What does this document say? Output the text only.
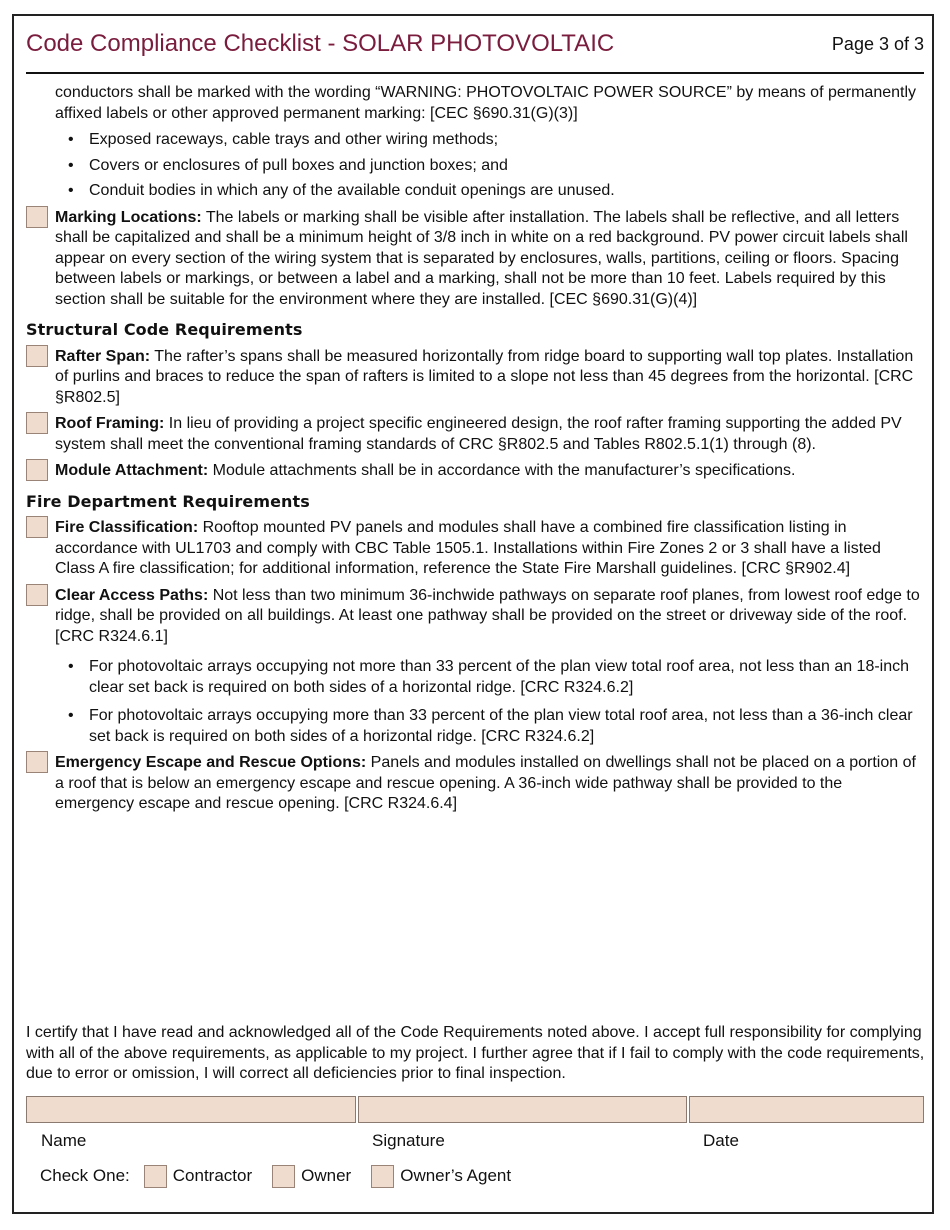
Code Compliance Checklist - SOLAR PHOTOVOLTAIC	Page 3 of 3

conductors shall be marked with the wording “WARNING: PHOTOVOLTAIC POWER SOURCE” by means of permanently affixed labels or other approved permanent marking: [CEC §690.31(G)(3)]

• Exposed raceways, cable trays and other wiring methods;
• Covers or enclosures of pull boxes and junction boxes; and
• Conduit bodies in which any of the available conduit openings are unused.
Marking Locations: The labels or marking shall be visible after installation. The labels shall be reflective, and all letters shall be capitalized and shall be a minimum height of 3/8 inch in white on a red background. PV power circuit labels shall appear on every section of the wiring system that is separated by enclosures, walls, partitions, ceiling or floors. Spacing between labels or markings, or between a label and a marking, shall not be more than 10 feet. Labels required by this section shall be suitable for the environment where they are installed. [CEC §690.31(G)(4)]
Structural Code Requirements
Rafter Span: The rafter’s spans shall be measured horizontally from ridge board to supporting wall top plates. Installation of purlins and braces to reduce the span of rafters is limited to a slope not less than 45 degrees from the horizontal. [CRC §R802.5]
Roof Framing: In lieu of providing a project specific engineered design, the roof rafter framing supporting the added PV system shall meet the conventional framing standards of CRC §R802.5 and Tables R802.5.1(1) through (8).
Module Attachment: Module attachments shall be in accordance with the manufacturer’s specifications.
Fire Department Requirements
Fire Classification: Rooftop mounted PV panels and modules shall have a combined fire classification listing in accordance with UL1703 and comply with CBC Table 1505.1. Installations within Fire Zones 2 or 3 shall have a listed Class A fire classification; for additional information, reference the State Fire Marshall guidelines. [CRC §R902.4]
Clear Access Paths: Not less than two minimum 36-inchwide pathways on separate roof planes, from lowest roof edge to ridge, shall be provided on all buildings. At least one pathway shall be provided on the street or driveway side of the roof. [CRC R324.6.1]
• For photovoltaic arrays occupying not more than 33 percent of the plan view total roof area, not less than an 18-inch clear set back is required on both sides of a horizontal ridge. [CRC R324.6.2]
• For photovoltaic arrays occupying more than 33 percent of the plan view total roof area, not less than a 36-inch clear set back is required on both sides of a horizontal ridge. [CRC R324.6.2]
Emergency Escape and Rescue Options: Panels and modules installed on dwellings shall not be placed on a portion of a roof that is below an emergency escape and rescue opening. A 36-inch wide pathway shall be provided to the emergency escape and rescue opening. [CRC R324.6.4]
I certify that I have read and acknowledged all of the Code Requirements noted above. I accept full responsibility for complying with all of the above requirements, as applicable to my project. I further agree that if I fail to comply with the code requirements, due to error or omission, I will correct all deficiencies prior to final inspection.
Name	Signature	Date
Check One:	Contractor	Owner	Owner’s Agent
